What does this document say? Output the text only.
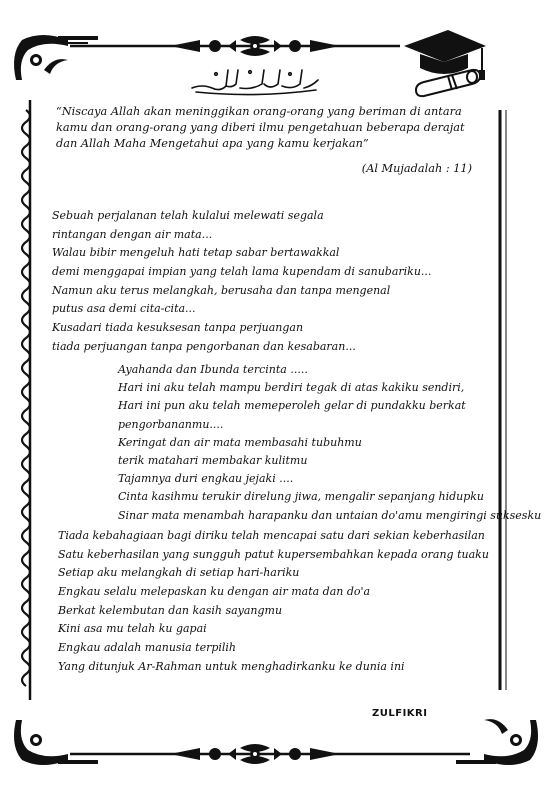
“Niscaya Allah akan meninggikan orang-orang yang beriman di antara kamu dan orang-orang yang diberi ilmu pengetahuan beberapa derajat dan Allah Maha Mengetahui apa yang kamu kerjakan”

(Al Mujadalah : 11)

Sebuah perjalanan telah kulalui melewati segala
rintangan dengan air mata...
Walau bibir mengeluh hati tetap sabar bertawakkal
demi menggapai impian yang telah lama kupendam di sanubariku...
Namun aku terus melangkah, berusaha dan tanpa mengenal
putus asa demi cita-cita...
Kusadari tiada kesuksesan tanpa perjuangan
tiada perjuangan tanpa pengorbanan dan kesabaran...
Ayahanda dan Ibunda tercinta .....
Hari ini aku telah mampu berdiri tegak di atas kakiku sendiri,
Hari ini pun aku telah memeperoleh gelar di pundakku berkat
pengorbananmu....
Keringat dan air mata membasahi tubuhmu
terik matahari membakar kulitmu
Tajamnya duri engkau jejaki ....
Cinta kasihmu terukir direlung jiwa, mengalir sepanjang hidupku
Sinar mata menambah harapanku dan untaian do'amu mengiringi suksesku
Tiada kebahagiaan bagi diriku telah mencapai satu dari sekian keberhasilan
Satu keberhasilan yang sungguh patut kupersembahkan kepada orang tuaku
Setiap aku melangkah di setiap hari-hariku
Engkau selalu melepaskan ku dengan air mata dan do'a
Berkat kelembutan dan kasih sayangmu
Kini asa mu telah ku gapai
Engkau adalah manusia terpilih
Yang ditunjuk Ar-Rahman untuk menghadirkanku ke dunia ini

ZULFIKRI
